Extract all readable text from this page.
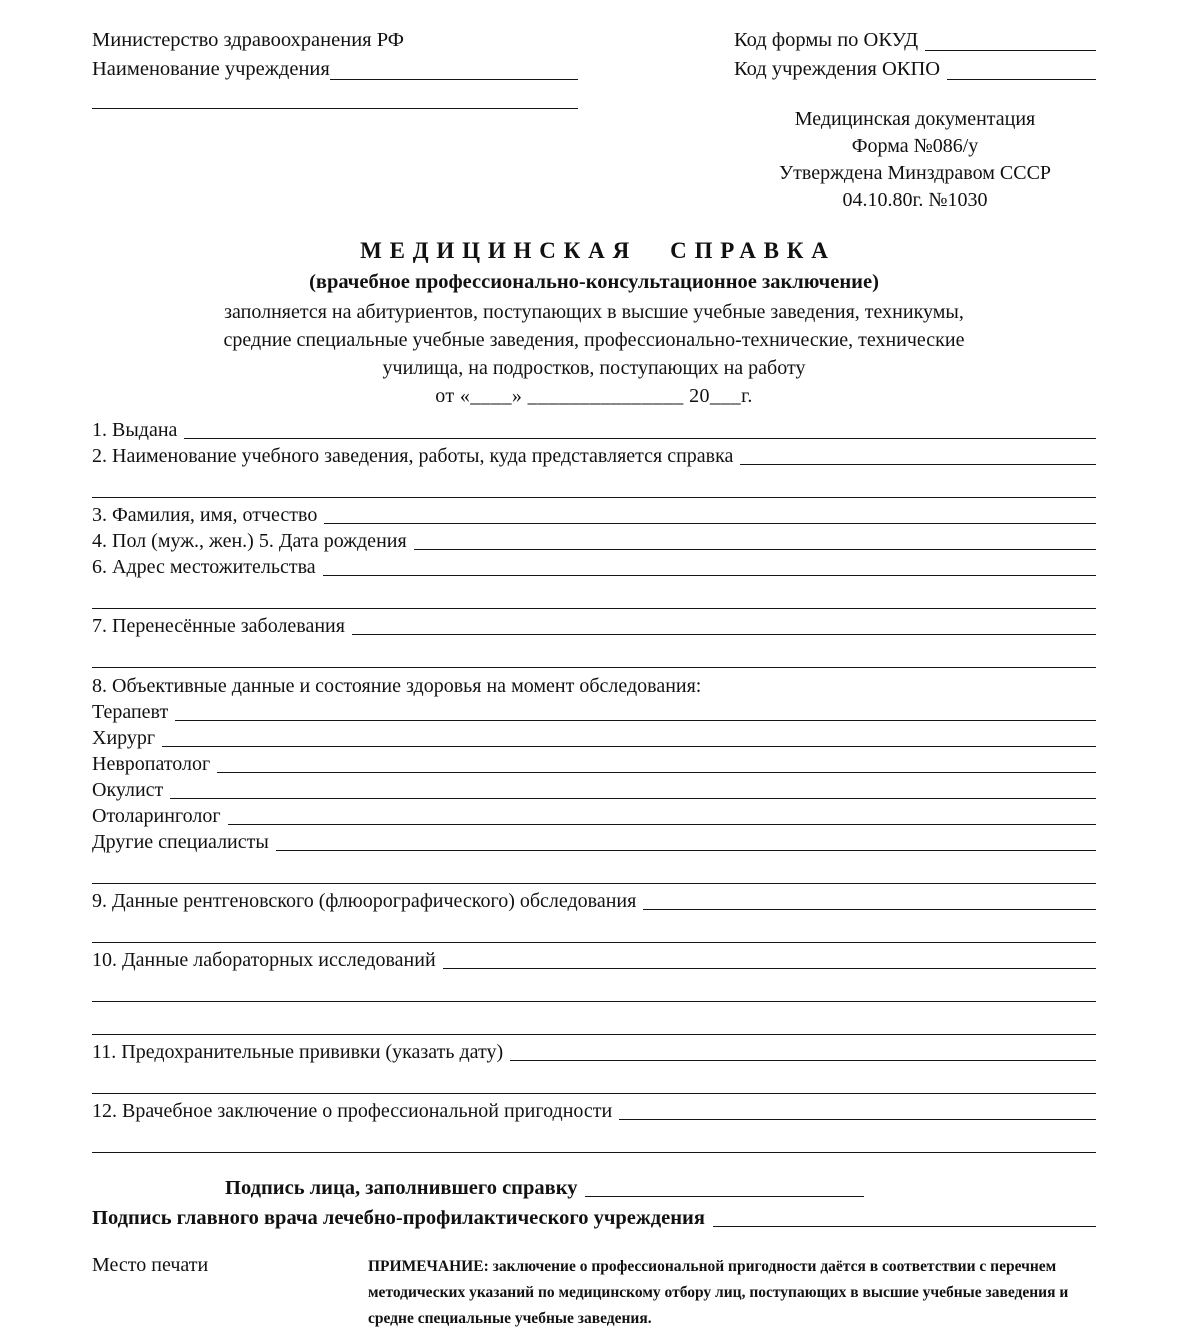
Министерство здравоохранения РФ
Наименование учреждения
Код формы по ОКУД
Код учреждения ОКПО
Медицинская документация
Форма №086/у
Утверждена Минздравом СССР
04.10.80г. №1030
МЕДИЦИНСКАЯ СПРАВКА
(врачебное профессионально-консультационное заключение)
заполняется на абитуриентов, поступающих в высшие учебные заведения, техникумы,
средние специальные учебные заведения, профессионально-технические, технические
училища, на подростков, поступающих на работу
от «____» _______________ 20___г.
1. Выдана
2. Наименование учебного заведения, работы, куда представляется справка
3. Фамилия, имя, отчество
4. Пол (муж., жен.) 5. Дата рождения
6. Адрес местожительства
7. Перенесённые заболевания
8. Объективные данные и состояние здоровья на момент обследования:
Терапевт
Хирург
Невропатолог
Окулист
Отоларинголог
Другие специалисты
9. Данные рентгеновского (флюорографического) обследования
10. Данные лабораторных исследований
11. Предохранительные прививки (указать дату)
12. Врачебное заключение о профессиональной пригодности
Подпись лица, заполнившего справку
Подпись главного врача лечебно-профилактического учреждения
Место печати	ПРИМЕЧАНИЕ: заключение о профессиональной пригодности даётся в соответствии с перечнем методических указаний по медицинскому отбору лиц, поступающих в высшие учебные заведения и средне специальные учебные заведения.
